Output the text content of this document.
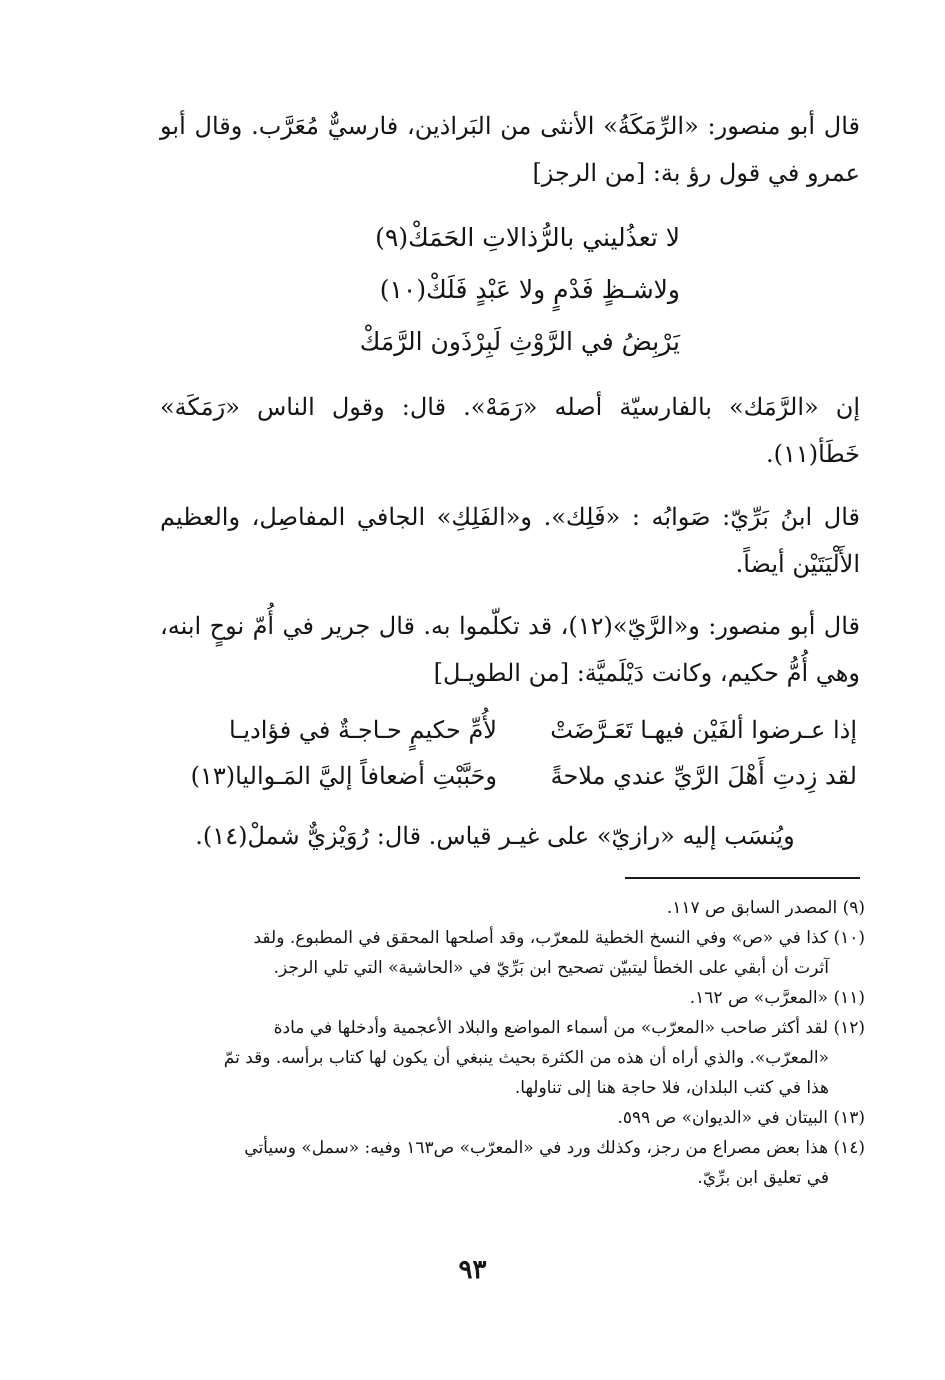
قال أبو منصور: «الرِّمَكَةُ» الأنثى من البَراذين، فارسيٌّ مُعَرَّب. وقال أبو عمرو في قول رؤ بة: [من الرجز]

لا تعذُليني بالرُّذالاتِ الحَمَكْ(٩)
ولاشـظٍ فَدْمٍ ولا عَبْدٍ فَلَكْ(١٠)
يَرْبِضُ في الرَّوْثِ لَبِرْذَون الرَّمَكْ

إن «الرَّمَك» بالفارسيّة أصله «رَمَهْ». قال: وقول الناس «رَمَكَة» خَطَأ(١١).

قال ابنُ بَرِّيّ: صَوابُه : «فَلِك». و«الفَلِكِ» الجافي المفاصِل، والعظيم الأَلْيَتَيْن أيضاً.

قال أبو منصور: و«الرَّيّ»(١٢)، قد تكلّموا به. قال جرير في أُمّ نوحٍ ابنه، وهي أُمُّ حكيم، وكانت دَيْلَميَّة: [من الطويـل]

إذا عـرضوا ألفَيْن فيهـا تَعَـرَّضَتْ
لأُمِّ حكيمٍ حـاجـةٌ في فؤاديـا
لقد زِدتِ أَهْلَ الرَّيِّ عندي ملاحةً
وحَبَّبْتِ أضعافاً إليَّ المَـواليا(١٣)
ويُنسَب إليه «رازيّ» على غيـر قياس. قال: رُوَيْزيٌّ شملْ(١٤).

(٩) المصدر السابق ص ١١٧.

(١٠) كذا في «ص» وفي النسخ الخطية للمعرّب، وقد أصلحها المحقق في المطبوع. ولقد
آثرت أن أبقي على الخطأ ليتبيّن تصحيح ابن بَرِّيّ في «الحاشية» التي تلي الرجز.

(١١) «المعرَّب» ص ١٦٢.

(١٢) لقد أكثر صاحب «المعرّب» من أسماء المواضع والبلاد الأعجمية وأدخلها في مادة
«المعرّب». والذي أراه أن هذه من الكثرة بحيث ينبغي أن يكون لها كتاب برأسه. وقد تمّ
هذا في كتب البلدان، فلا حاجة هنا إلى تناولها.

(١٣) البيتان في «الديوان» ص ٥٩٩.

(١٤) هذا بعض مصراع من رجز، وكذلك ورد في «المعرّب» ص١٦٣ وفيه: «سمل» وسيأتي
في تعليق ابن برِّيّ.

٩٣
